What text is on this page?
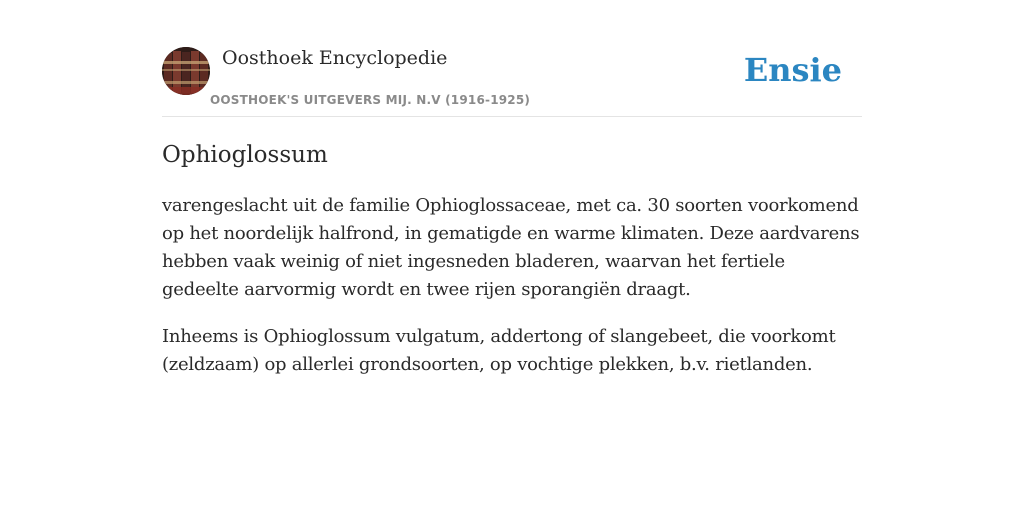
Oosthoek Encyclopedie
OOSTHOEK'S UITGEVERS MIJ. N.V (1916-1925)
Ensie
Ophioglossum

varengeslacht uit de familie Ophioglossaceae, met ca. 30 soorten voorkomend op het noordelijk halfrond, in gematigde en warme klimaten. Deze aardvarens hebben vaak weinig of niet ingesneden bladeren, waarvan het fertiele gedeelte aarvormig wordt en twee rijen sporangiën draagt.

Inheems is Ophioglossum vulgatum, addertong of slangebeet, die voorkomt (zeldzaam) op allerlei grondsoorten, op vochtige plekken, b.v. rietlanden.
